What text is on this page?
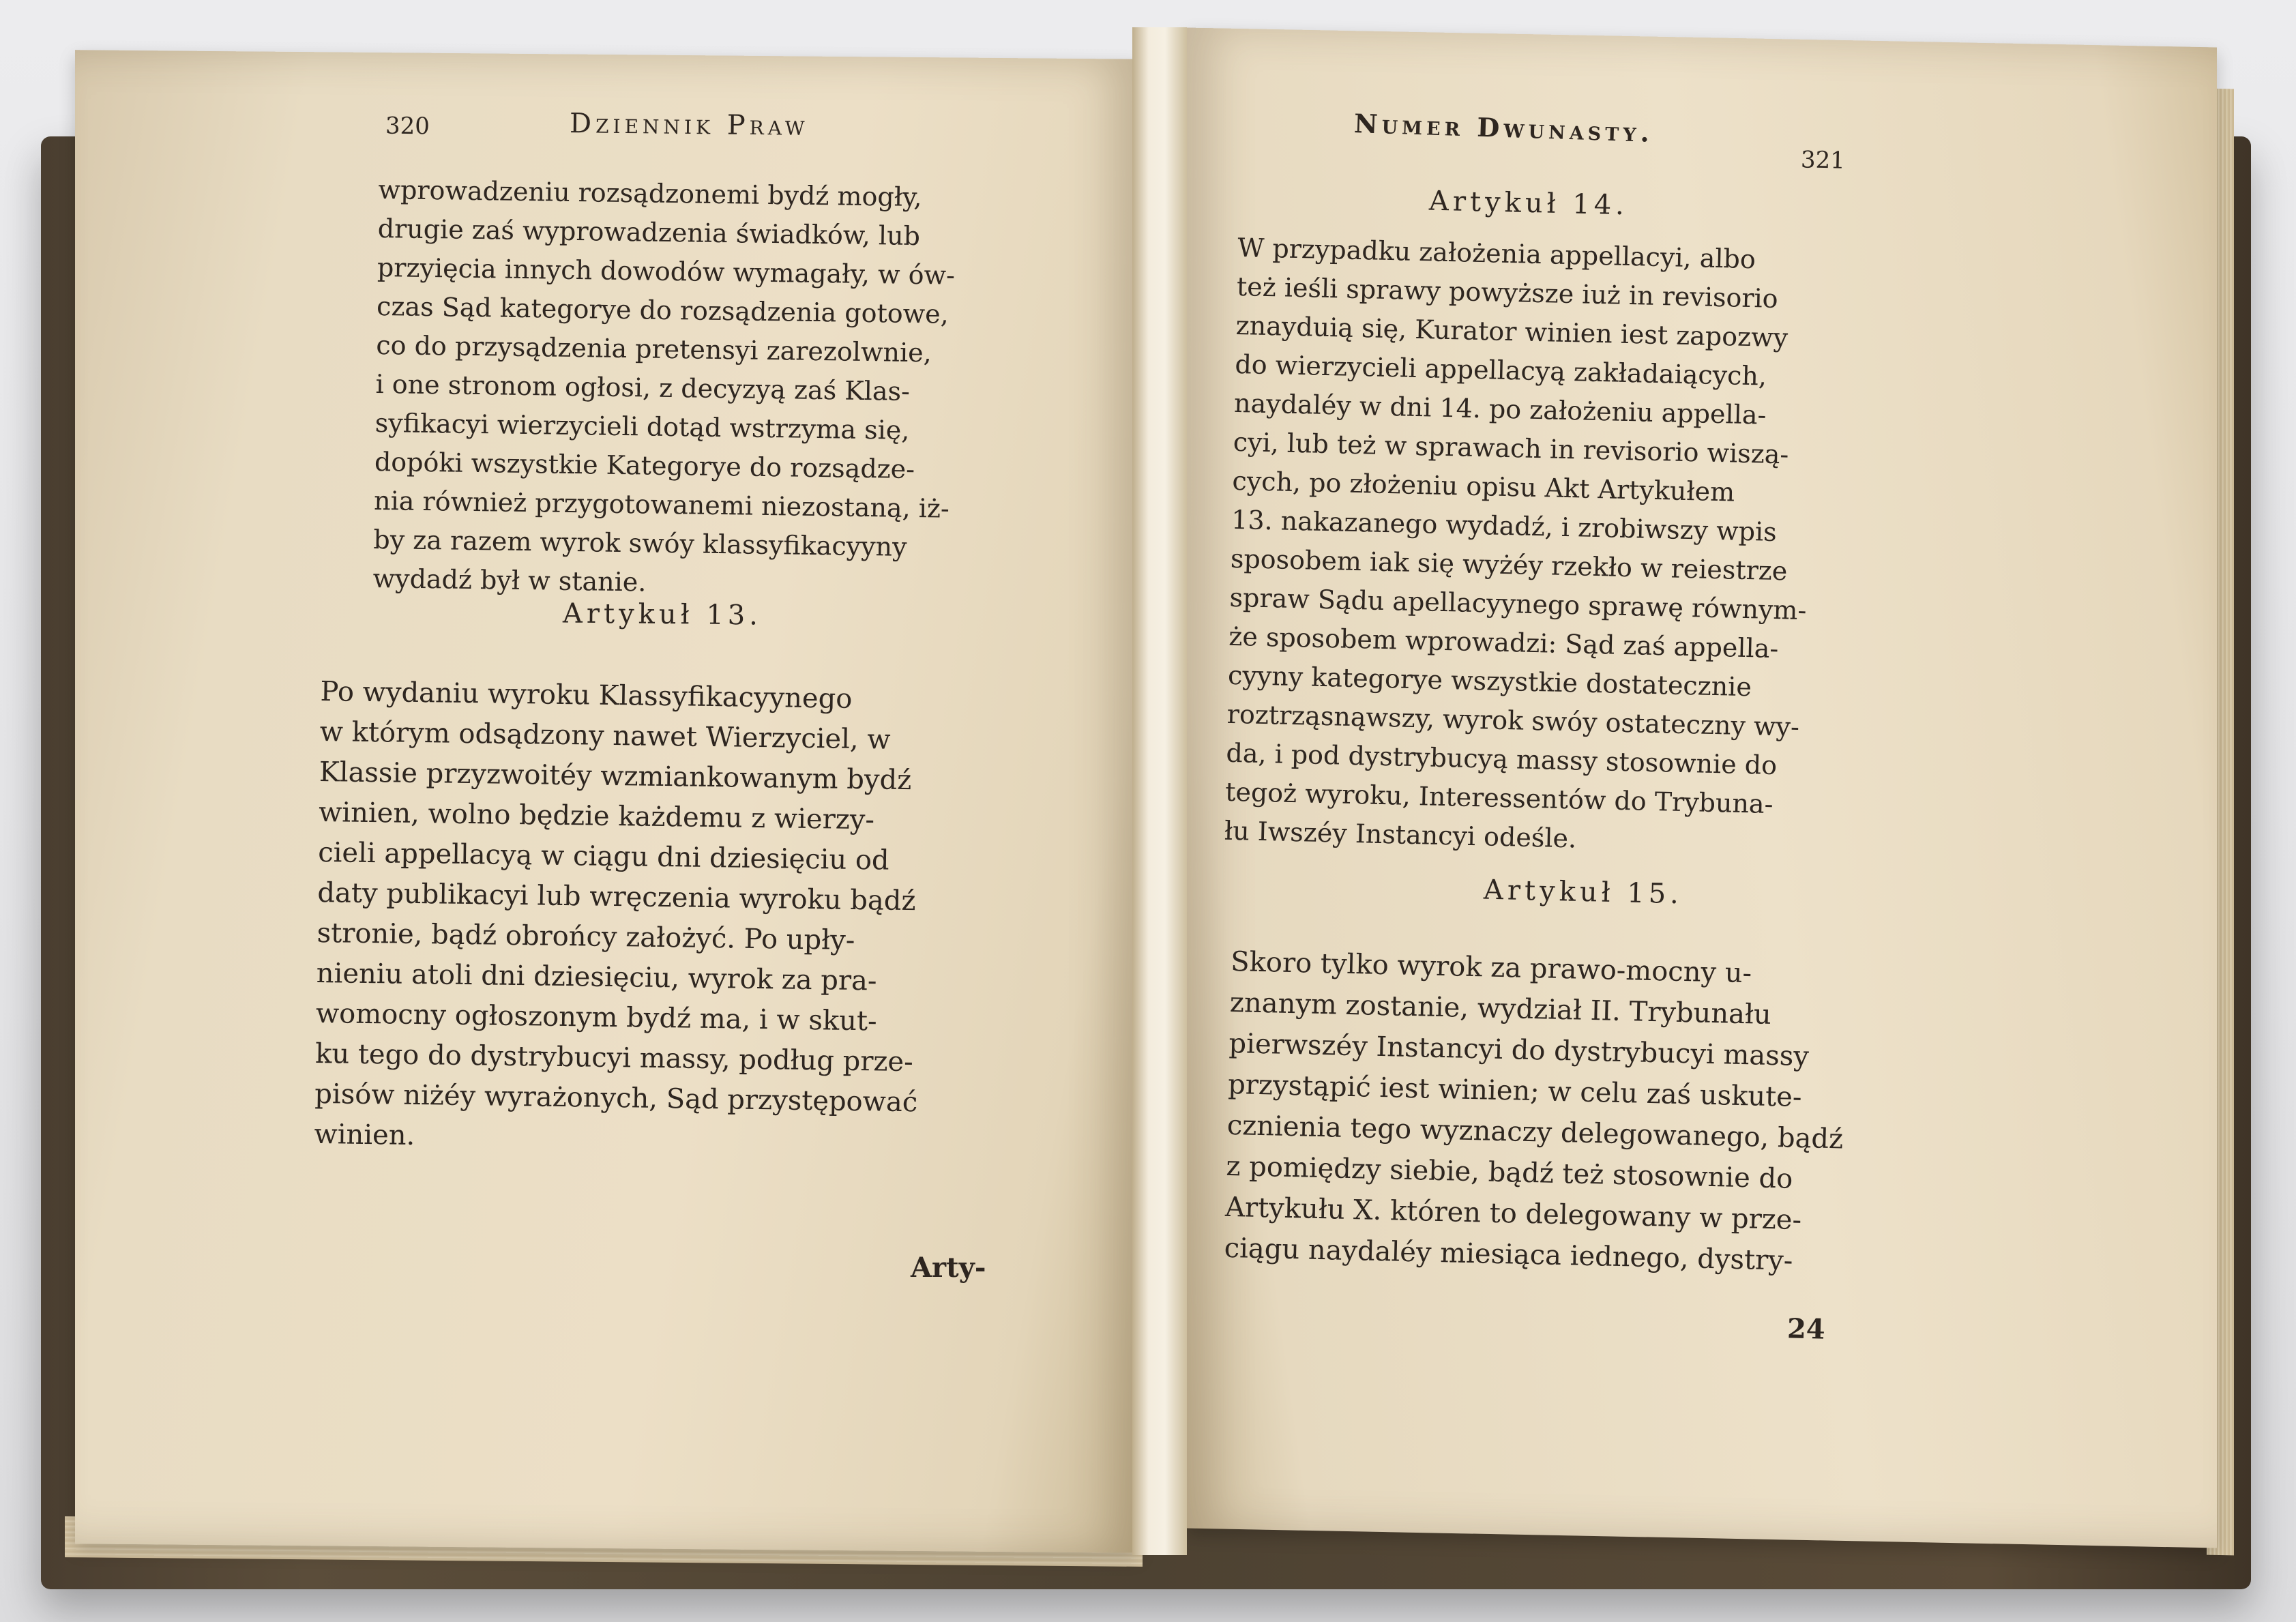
320	Dziennik Praw
wprowadzeniu rozsądzonemi bydź mogły,
drugie zaś wyprowadzenia świadków, lub
przyięcia innych dowodów wymagały, w ów-
czas Sąd kategorye do rozsądzenia gotowe,
co do przysądzenia pretensyi zarezolwnie,
i one stronom ogłosi, z decyzyą zaś Klas-
syfikacyi wierzycieli dotąd wstrzyma się,
dopóki wszystkie Kategorye do rozsądze-
nia również przygotowanemi niezostaną, iż-
by za razem wyrok swóy klassyfikacyyny
wydadź był w stanie.
Artykuł 13.
Po wydaniu wyroku Klassyfikacyynego
w którym odsądzony nawet Wierzyciel, w
Klassie przyzwoitéy wzmiankowanym bydź
winien, wolno będzie każdemu z wierzy-
cieli appellacyą w ciągu dni dziesięciu od
daty publikacyi lub wręczenia wyroku bądź
stronie, bądź obrońcy założyć. Po upły-
nieniu atoli dni dziesięciu, wyrok za pra-
womocny ogłoszonym bydź ma, i w skut-
ku tego do dystrybucyi massy, podług prze-
pisów niżéy wyrażonych, Sąd przystępować
winien.
Arty-
Numer Dwunasty.
321
Artykuł 14.
W przypadku założenia appellacyi, albo
też ieśli sprawy powyższe iuż in revisorio
znayduią się, Kurator winien iest zapozwy
do wierzycieli appellacyą zakładaiących,
naydaléy w dni 14. po założeniu appella-
cyi, lub też w sprawach in revisorio wiszą-
cych, po złożeniu opisu Akt Artykułem
13. nakazanego wydadź, i zrobiwszy wpis
sposobem iak się wyżéy rzekło w reiestrze
spraw Sądu apellacyynego sprawę równym-
że sposobem wprowadzi: Sąd zaś appella-
cyyny kategorye wszystkie dostatecznie
roztrząsnąwszy, wyrok swóy ostateczny wy-
da, i pod dystrybucyą massy stosownie do
tegoż wyroku, Interessentów do Trybuna-
łu Iwszéy Instancyi odeśle.
Artykuł 15.
Skoro tylko wyrok za prawo-mocny u-
znanym zostanie, wydział II. Trybunału
pierwszéy Instancyi do dystrybucyi massy
przystąpić iest winien; w celu zaś uskute-
cznienia tego wyznaczy delegowanego, bądź
z pomiędzy siebie, bądź też stosownie do
Artykułu X. któren to delegowany w prze-
ciągu naydaléy miesiąca iednego, dystry-
24
